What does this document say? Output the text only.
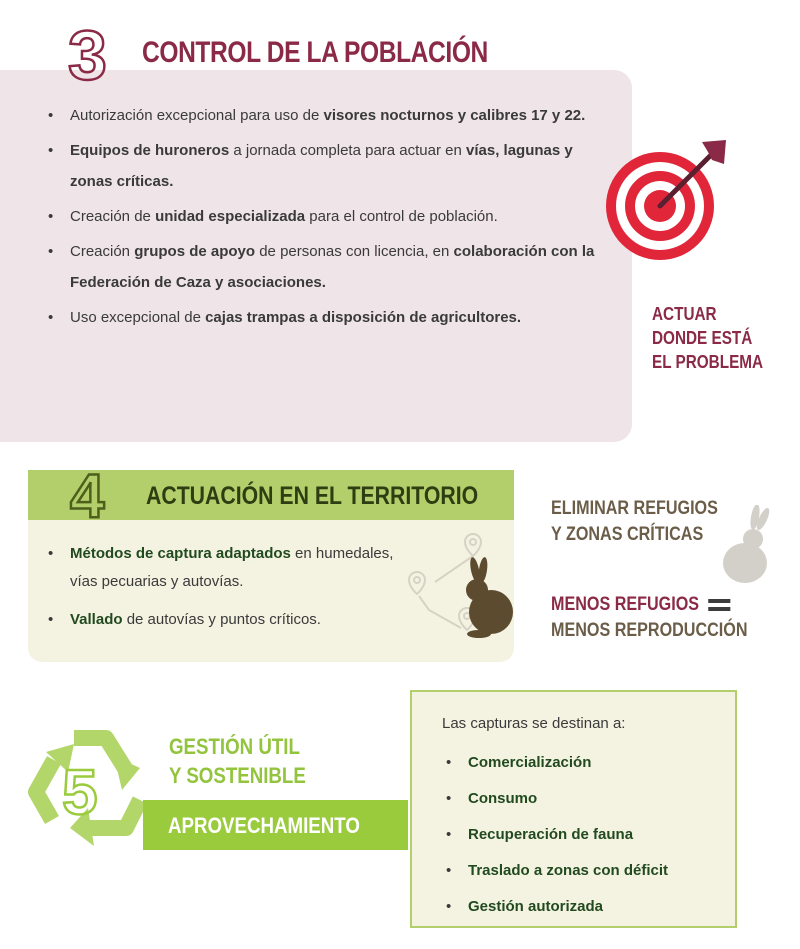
3 CONTROL DE LA POBLACIÓN
• Autorización excepcional para uso de visores nocturnos y calibres 17 y 22.
• Equipos de huroneros a jornada completa para actuar en vías, lagunas y zonas críticas.
• Creación de unidad especializada para el control de población.
• Creación grupos de apoyo de personas con licencia, en colaboración con la Federación de Caza y asociaciones.
• Uso excepcional de cajas trampas a disposición de agricultores.	ACTUAR
DONDE ESTÁ
EL PROBLEMA
4 ACTUACIÓN EN EL TERRITORIO
• Métodos de captura adaptados en humedales, vías pecuarias y autovías.
• Vallado de autovías y puntos críticos.
ELIMINAR REFUGIOS
Y ZONAS CRÍTICAS
MENOS REFUGIOS
MENOS REPRODUCCIÓN
5
GESTIÓN ÚTIL
Y SOSTENIBLE
APROVECHAMIENTO
Las capturas se destinan a:
• Comercialización
• Consumo
• Recuperación de fauna
• Traslado a zonas con déficit
• Gestión autorizada
